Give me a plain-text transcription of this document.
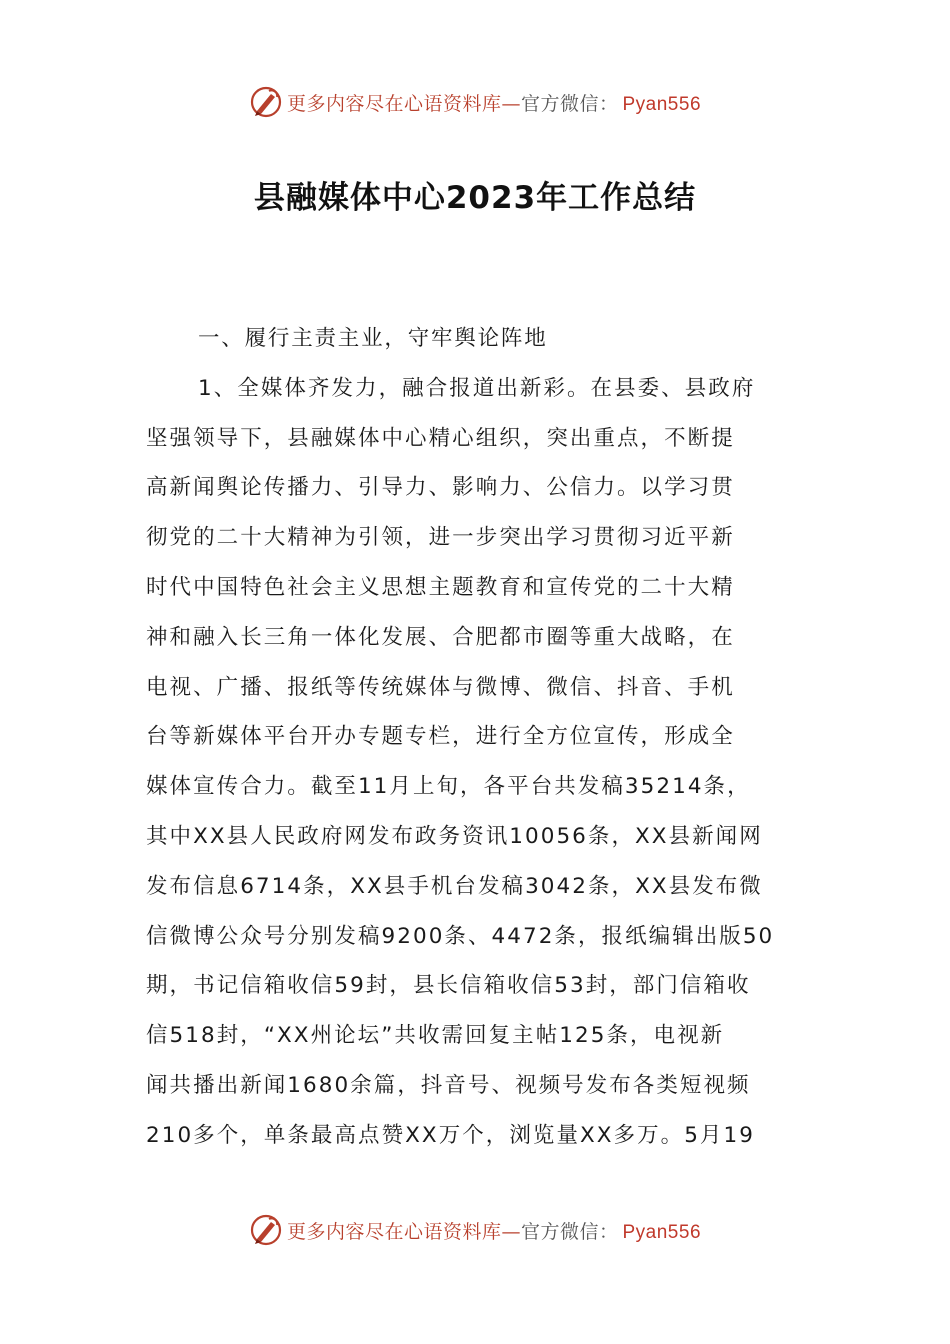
更多内容尽在心语资料库—官方微信： Pyan556
县融媒体中心2023年工作总结

一、履行主责主业，守牢舆论阵地

1、全媒体齐发力，融合报道出新彩。在县委、县政府
坚强领导下，县融媒体中心精心组织，突出重点，不断提
高新闻舆论传播力、引导力、影响力、公信力。以学习贯
彻党的二十大精神为引领，进一步突出学习贯彻习近平新
时代中国特色社会主义思想主题教育和宣传党的二十大精
神和融入长三角一体化发展、合肥都市圈等重大战略，在
电视、广播、报纸等传统媒体与微博、微信、抖音、手机
台等新媒体平台开办专题专栏，进行全方位宣传，形成全
媒体宣传合力。截至11月上旬，各平台共发稿35214条，
其中XX县人民政府网发布政务资讯10056条，XX县新闻网
发布信息6714条，XX县手机台发稿3042条，XX县发布微
信微博公众号分别发稿9200条、4472条，报纸编辑出版50
期，书记信箱收信59封，县长信箱收信53封，部门信箱收
信518封，“XX州论坛”共收需回复主帖125条，电视新
闻共播出新闻1680余篇，抖音号、视频号发布各类短视频
210多个，单条最高点赞XX万个，浏览量XX多万。5月19

更多内容尽在心语资料库—官方微信： Pyan556
